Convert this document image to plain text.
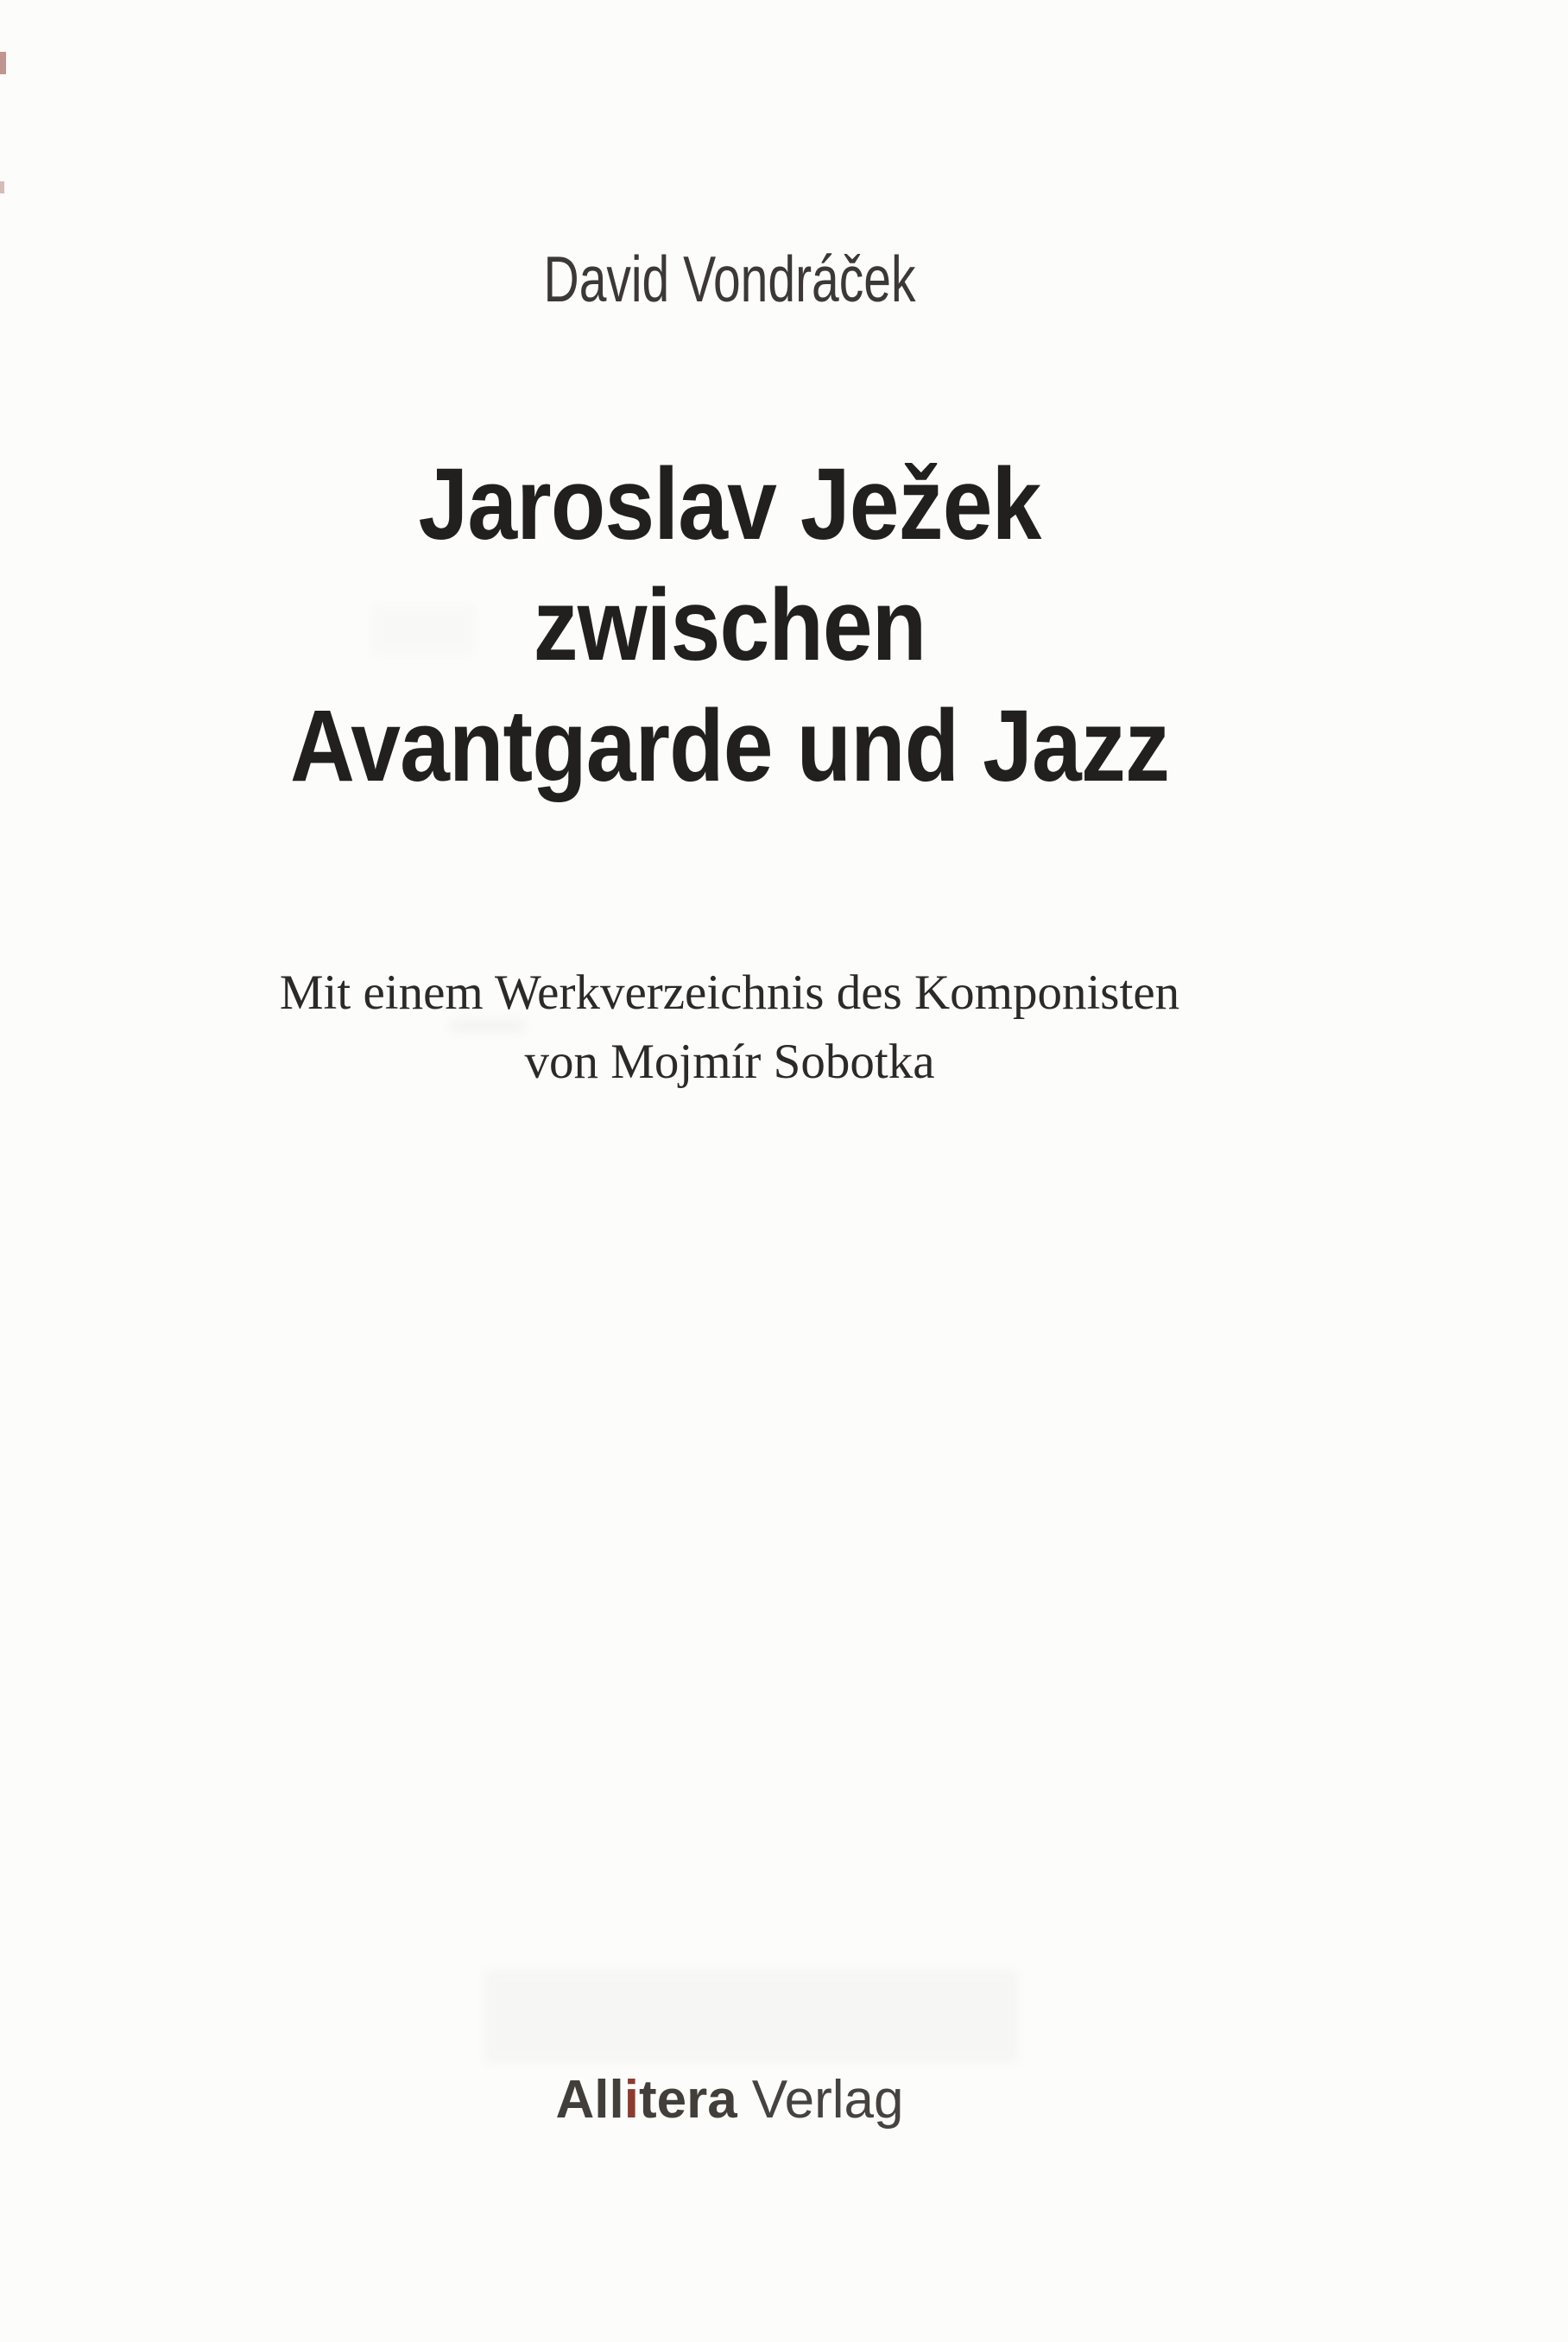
David Vondráček
Jaroslav Ježek
zwischen
Avantgarde und Jazz
Mit einem Werkverzeichnis des Komponisten
von Mojmír Sobotka
Allitera Verlag
